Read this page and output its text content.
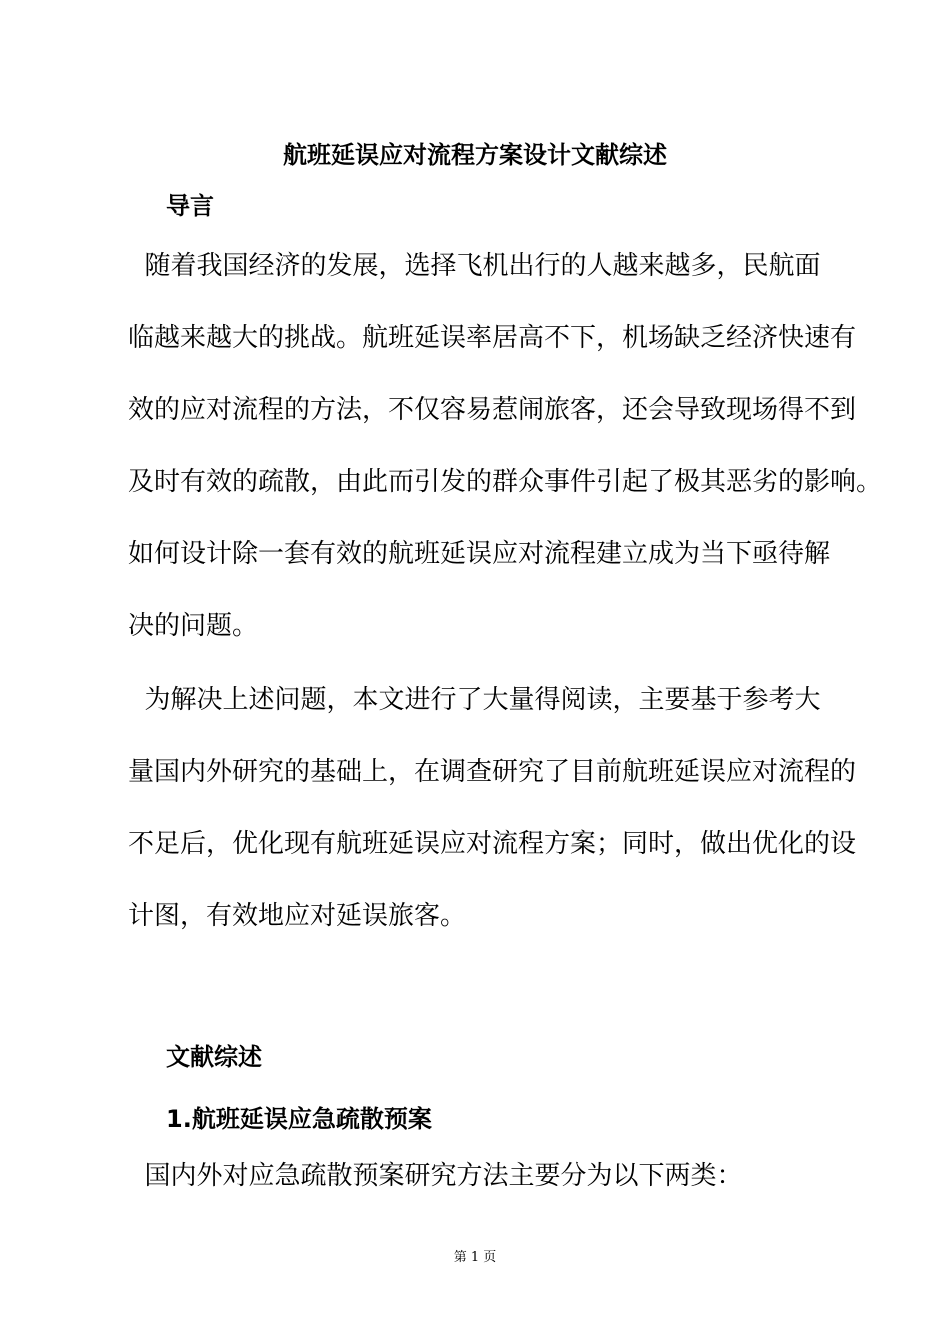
航班延误应对流程方案设计文献综述
导言
随着我国经济的发展，选择飞机出行的人越来越多，民航面
临越来越大的挑战。航班延误率居高不下，机场缺乏经济快速有
效的应对流程的方法，不仅容易惹闹旅客，还会导致现场得不到
及时有效的疏散，由此而引发的群众事件引起了极其恶劣的影响。
如何设计除一套有效的航班延误应对流程建立成为当下亟待解
决的问题。
为解决上述问题，本文进行了大量得阅读，主要基于参考大
量国内外研究的基础上，在调查研究了目前航班延误应对流程的
不足后，优化现有航班延误应对流程方案；同时，做出优化的设
计图，有效地应对延误旅客。
文献综述
1.航班延误应急疏散预案
国内外对应急疏散预案研究方法主要分为以下两类：
第 1 页
